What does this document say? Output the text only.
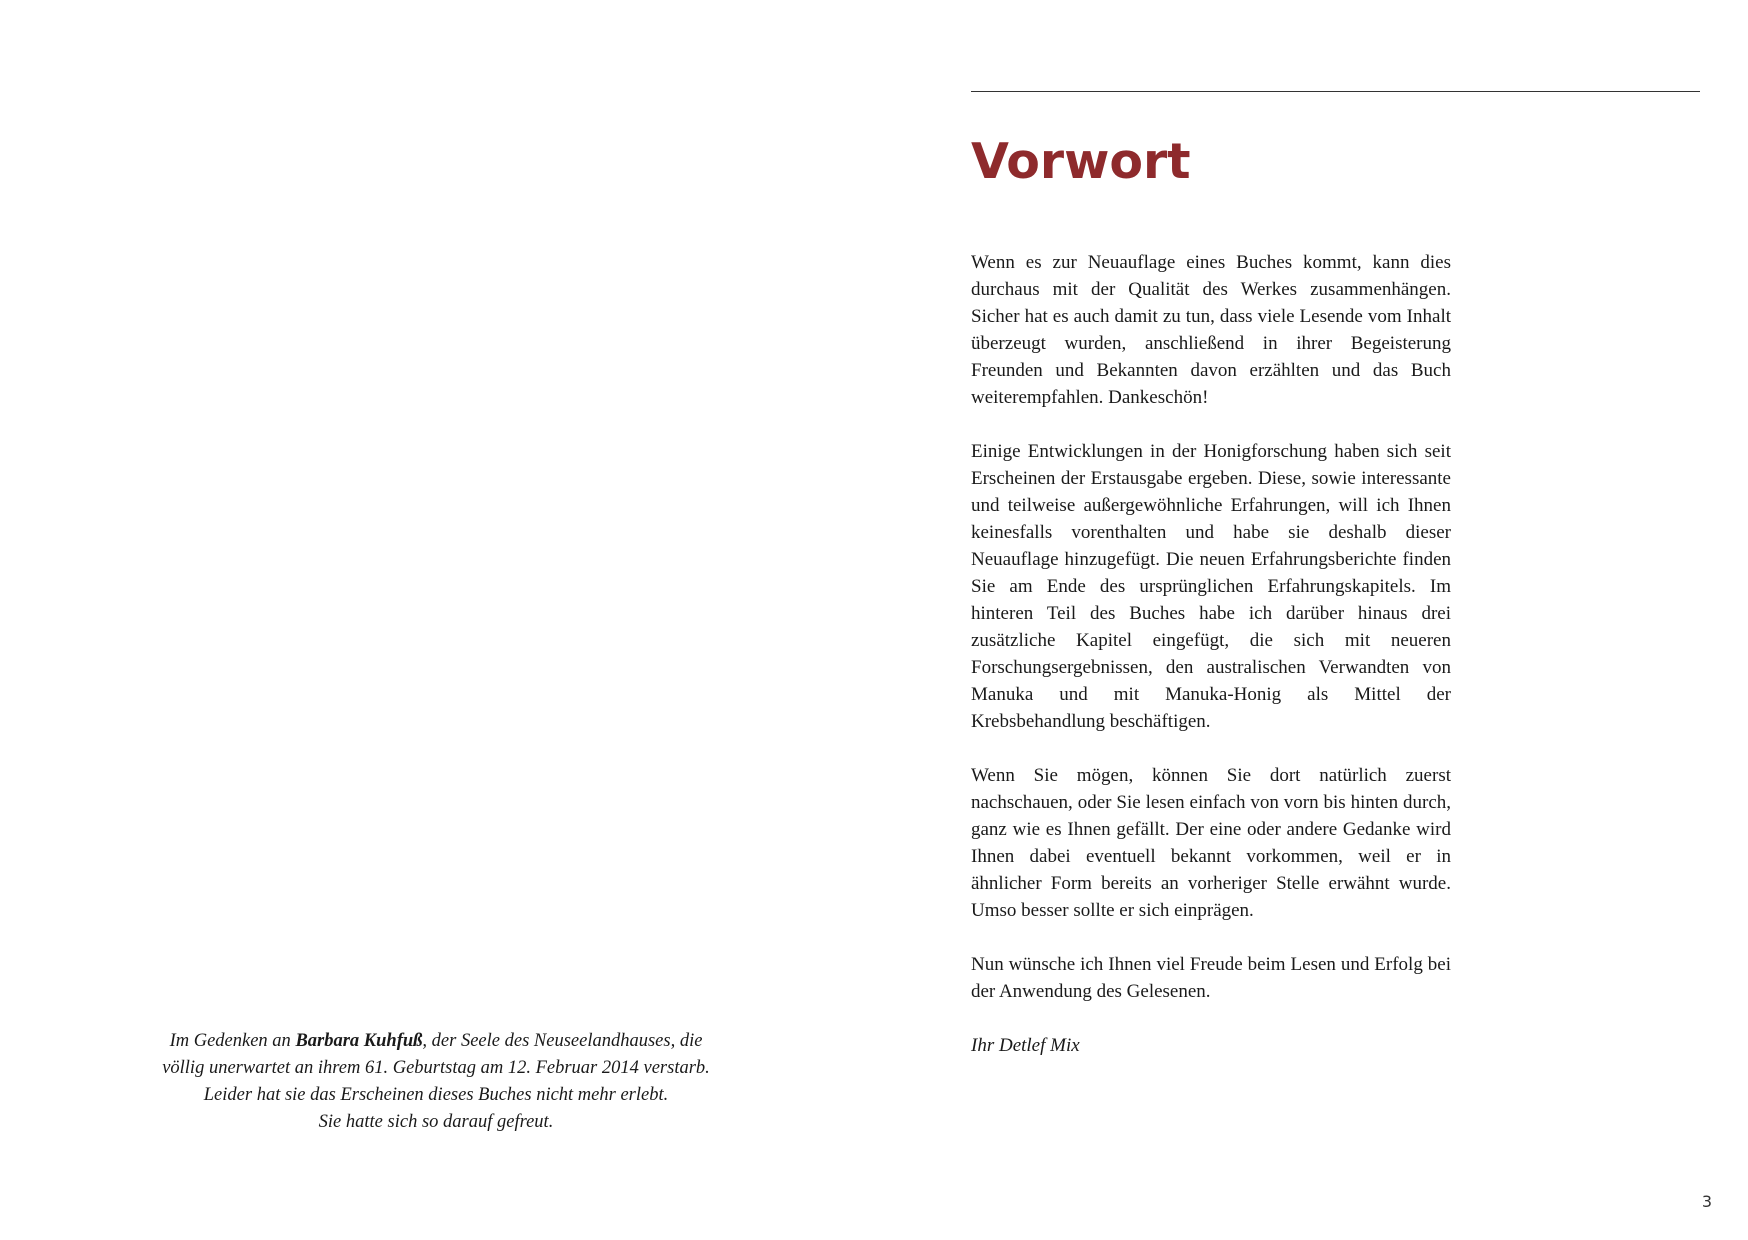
Im Gedenken an Barbara Kuhfuß, der Seele des Neuseelandhauses, die

völlig unerwartet an ihrem 61. Geburtstag am 12. Februar 2014 verstarb.

Leider hat sie das Erscheinen dieses Buches nicht mehr erlebt.

Sie hatte sich so darauf gefreut.

Vorwort

Wenn es zur Neuauflage eines Buches kommt, kann dies durchaus mit der Qualität des Werkes zusammenhängen. Sicher hat es auch damit zu tun, dass viele Lesende vom Inhalt überzeugt wurden, anschließend in ihrer Begeisterung Freunden und Bekannten davon erzählten und das Buch weiterempfahlen. Dankeschön!

Einige Entwicklungen in der Honigforschung haben sich seit Erscheinen der Erstausgabe ergeben. Diese, sowie interessante und teilweise außergewöhnliche Erfahrungen, will ich Ihnen keinesfalls vorenthalten und habe sie deshalb dieser Neuauflage hinzugefügt. Die neuen Erfahrungsberichte finden Sie am Ende des ursprünglichen Erfahrungskapitels. Im hinteren Teil des Buches habe ich darüber hinaus drei zusätzliche Kapitel eingefügt, die sich mit neueren Forschungsergebnissen, den australischen Verwandten von Manuka und mit Manuka-Honig als Mittel der Krebsbehandlung beschäftigen.

Wenn Sie mögen, können Sie dort natürlich zuerst nachschauen, oder Sie lesen einfach von vorn bis hinten durch, ganz wie es Ihnen gefällt. Der eine oder andere Gedanke wird Ihnen dabei eventuell bekannt vorkommen, weil er in ähnlicher Form bereits an vorheriger Stelle erwähnt wurde. Umso besser sollte er sich einprägen.

Nun wünsche ich Ihnen viel Freude beim Lesen und Erfolg bei der Anwendung des Gelesenen.

Ihr Detlef Mix

3
